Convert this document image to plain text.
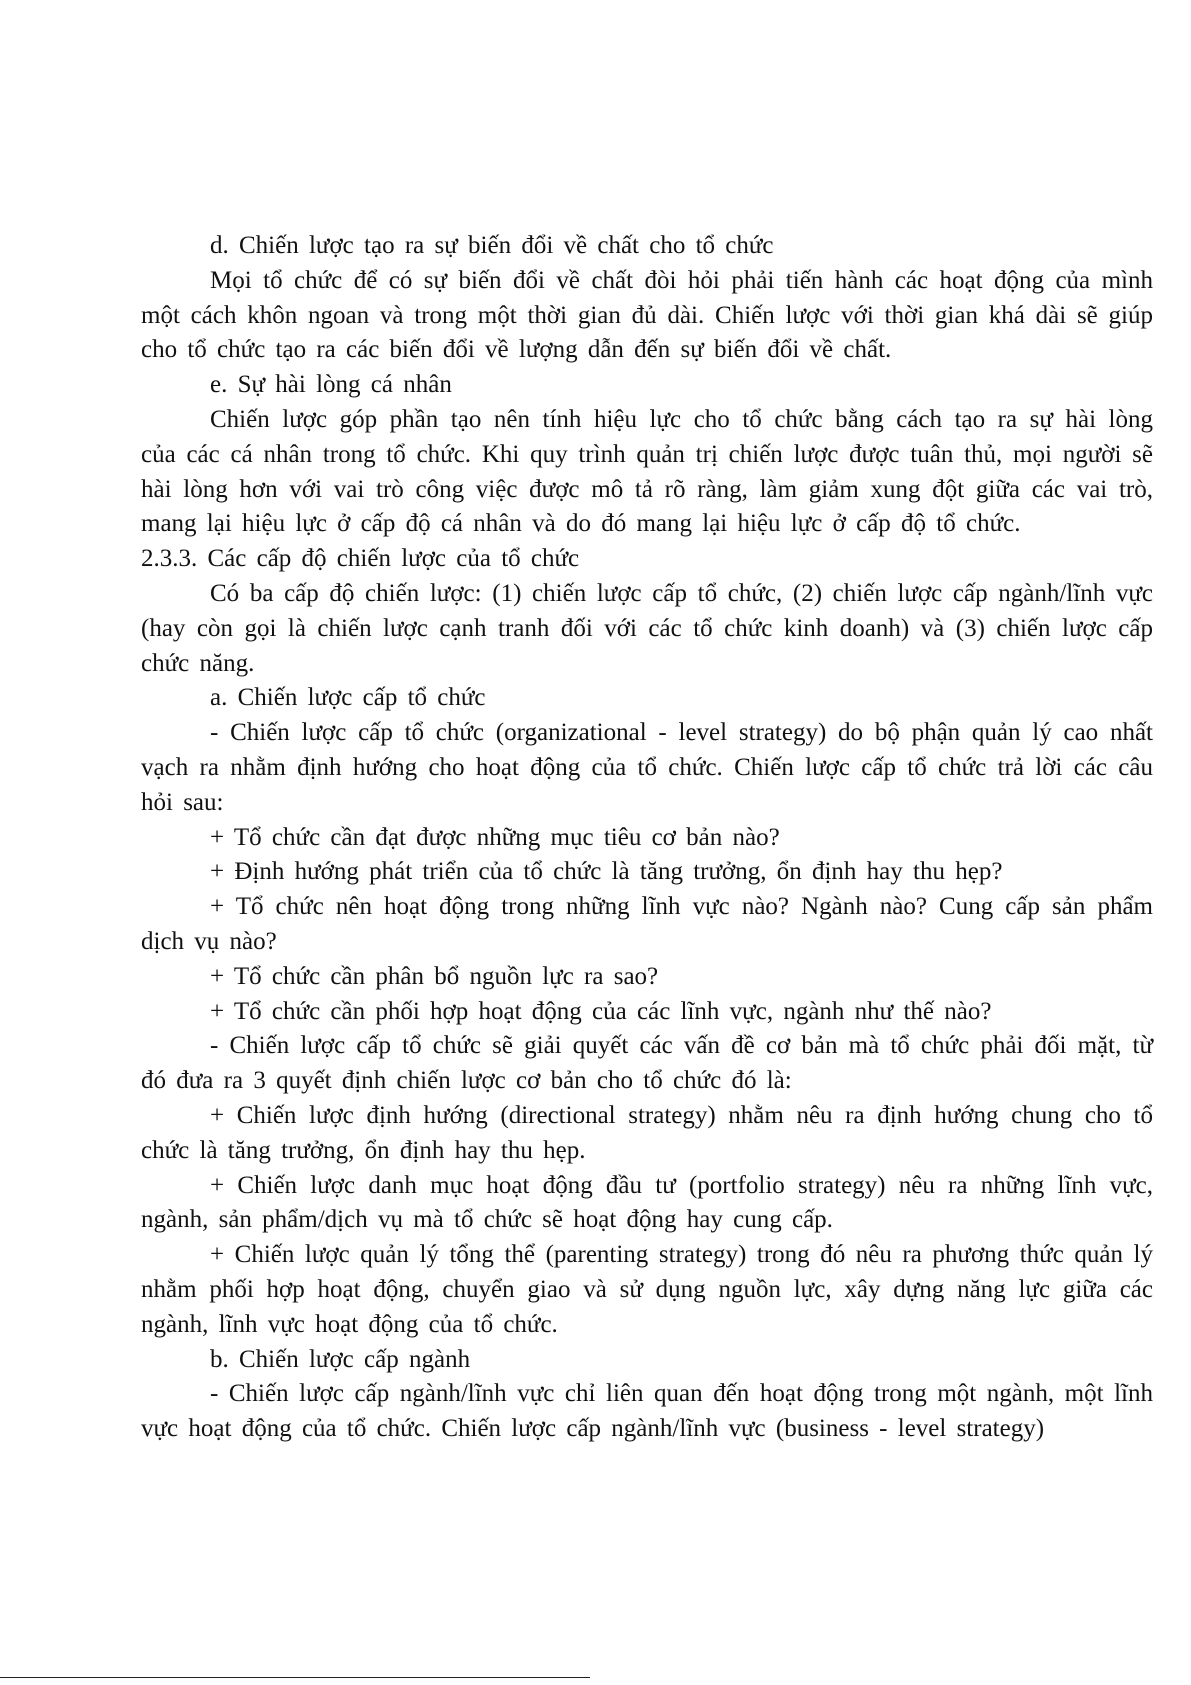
d. Chiến lược tạo ra sự biến đổi về chất cho tổ chức

Mọi tổ chức để có sự biến đổi về chất đòi hỏi phải tiến hành các hoạt động của mình một cách khôn ngoan và trong một thời gian đủ dài. Chiến lược với thời gian khá dài sẽ giúp cho tổ chức tạo ra các biến đổi về lượng dẫn đến sự biến đổi về chất.

e. Sự hài lòng cá nhân

Chiến lược góp phần tạo nên tính hiệu lực cho tổ chức bằng cách tạo ra sự hài lòng của các cá nhân trong tổ chức. Khi quy trình quản trị chiến lược được tuân thủ, mọi người sẽ hài lòng hơn với vai trò công việc được mô tả rõ ràng, làm giảm xung đột giữa các vai trò, mang lại hiệu lực ở cấp độ cá nhân và do đó mang lại hiệu lực ở cấp độ tổ chức.

2.3.3. Các cấp độ chiến lược của tổ chức

Có ba cấp độ chiến lược: (1) chiến lược cấp tổ chức, (2) chiến lược cấp ngành/lĩnh vực (hay còn gọi là chiến lược cạnh tranh đối với các tổ chức kinh doanh) và (3) chiến lược cấp chức năng.

a. Chiến lược cấp tổ chức

- Chiến lược cấp tổ chức (organizational - level strategy) do bộ phận quản lý cao nhất vạch ra nhằm định hướng cho hoạt động của tổ chức. Chiến lược cấp tổ chức trả lời các câu hỏi sau:

+ Tổ chức cần đạt được những mục tiêu cơ bản nào?

+ Định hướng phát triển của tổ chức là tăng trưởng, ổn định hay thu hẹp?

+ Tổ chức nên hoạt động trong những lĩnh vực nào? Ngành nào? Cung cấp sản phẩm dịch vụ nào?

+ Tổ chức cần phân bổ nguồn lực ra sao?

+ Tổ chức cần phối hợp hoạt động của các lĩnh vực, ngành như thế nào?

- Chiến lược cấp tổ chức sẽ giải quyết các vấn đề cơ bản mà tổ chức phải đối mặt, từ đó đưa ra 3 quyết định chiến lược cơ bản cho tổ chức đó là:

+ Chiến lược định hướng (directional strategy) nhằm nêu ra định hướng chung cho tổ chức là tăng trưởng, ổn định hay thu hẹp.

+ Chiến lược danh mục hoạt động đầu tư (portfolio strategy) nêu ra những lĩnh vực, ngành, sản phẩm/dịch vụ mà tổ chức sẽ hoạt động hay cung cấp.

+ Chiến lược quản lý tổng thể (parenting strategy) trong đó nêu ra phương thức quản lý nhằm phối hợp hoạt động, chuyển giao và sử dụng nguồn lực, xây dựng năng lực giữa các ngành, lĩnh vực hoạt động của tổ chức.

b. Chiến lược cấp ngành

- Chiến lược cấp ngành/lĩnh vực chỉ liên quan đến hoạt động trong một ngành, một lĩnh vực hoạt động của tổ chức. Chiến lược cấp ngành/lĩnh vực (business - level strategy)
